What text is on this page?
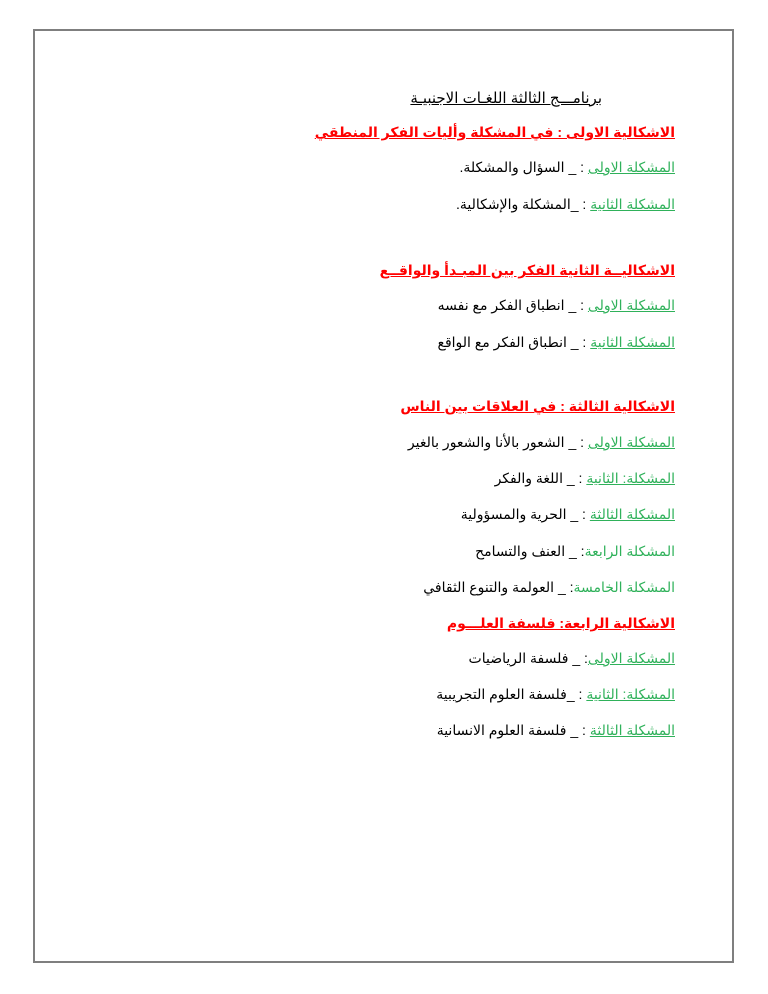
برنامـــج الثالثة اللغـات الاجنبيـة
الاشكالية الاولى : في المشكلة وأليات الفكر المنطقي
المشكلة الاولى : _ السؤال والمشكلة.
المشكلة الثانية : _المشكلة والإشكالية.
الاشكاليــة الثانية الفكر بين المبـدأ والواقــع
المشكلة الاولى : _ انطباق الفكر مع نفسه
المشكلة الثانية : _ انطباق الفكر مع الواقع
الاشكالية الثالثة : في العلاقات بين الناس
المشكلة الاولى : _ الشعور بالأنا والشعور بالغير
المشكلة: الثانية : _ اللغة والفكر
المشكلة الثالثة : _ الحرية والمسؤولية
المشكلة الرابعة: _ العنف والتسامح
المشكلة الخامسة: _ العولمة والتنوع الثقافي
الاشكالية الرابعة: فلسفة العلـــوم
المشكلة الاولى: _ فلسفة الرياضيات
المشكلة: الثانية : _فلسفة العلوم التجريبية
المشكلة الثالثة : _ فلسفة العلوم الانسانية
